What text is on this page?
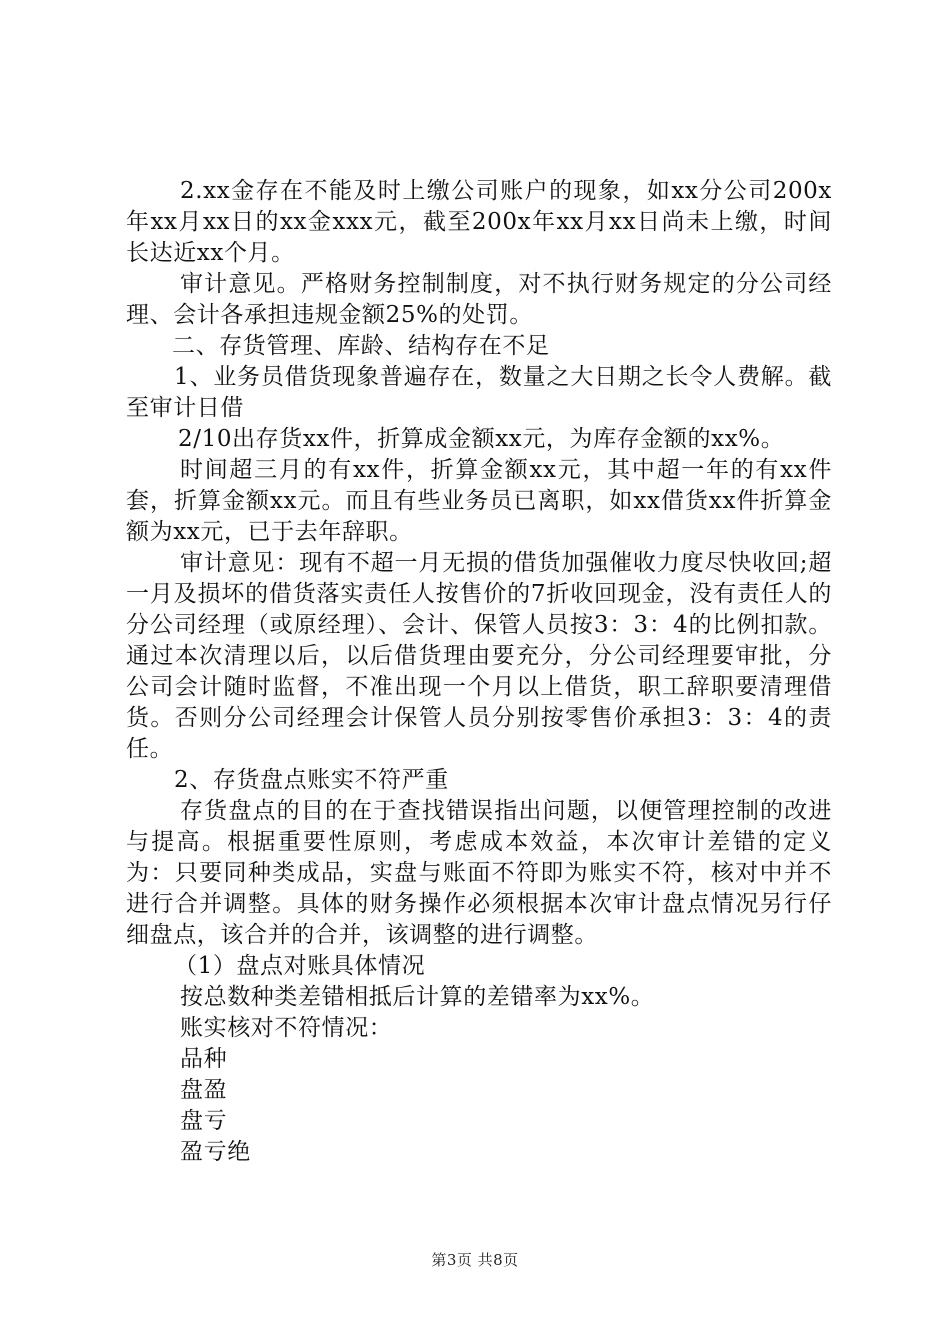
2.xx金存在不能及时上缴公司账户的现象，如xx分公司200x年xx月xx日的xx金xxx元，截至200x年xx月xx日尚未上缴，时间长达近xx个月。

审计意见。严格财务控制制度，对不执行财务规定的分公司经理、会计各承担违规金额25%的处罚。

二、存货管理、库龄、结构存在不足

1、业务员借货现象普遍存在，数量之大日期之长令人费解。截至审计日借

2/10出存货xx件，折算成金额xx元，为库存金额的xx%。

时间超三月的有xx件，折算金额xx元，其中超一年的有xx件套，折算金额xx元。而且有些业务员已离职，如xx借货xx件折算金额为xx元，已于去年辞职。

审计意见：现有不超一月无损的借货加强催收力度尽快收回;超一月及损坏的借货落实责任人按售价的7折收回现金，没有责任人的分公司经理（或原经理）、会计、保管人员按3：3：4的比例扣款。通过本次清理以后，以后借货理由要充分，分公司经理要审批，分公司会计随时监督，不准出现一个月以上借货，职工辞职要清理借货。否则分公司经理会计保管人员分别按零售价承担3：3：4的责任。

2、存货盘点账实不符严重

存货盘点的目的在于查找错误指出问题，以便管理控制的改进与提高。根据重要性原则，考虑成本效益，本次审计差错的定义为：只要同种类成品，实盘与账面不符即为账实不符，核对中并不进行合并调整。具体的财务操作必须根据本次审计盘点情况另行仔细盘点，该合并的合并，该调整的进行调整。

（1）盘点对账具体情况

按总数种类差错相抵后计算的差错率为xx%。

账实核对不符情况：

品种

盘盈

盘亏

盈亏绝

第3页 共8页
